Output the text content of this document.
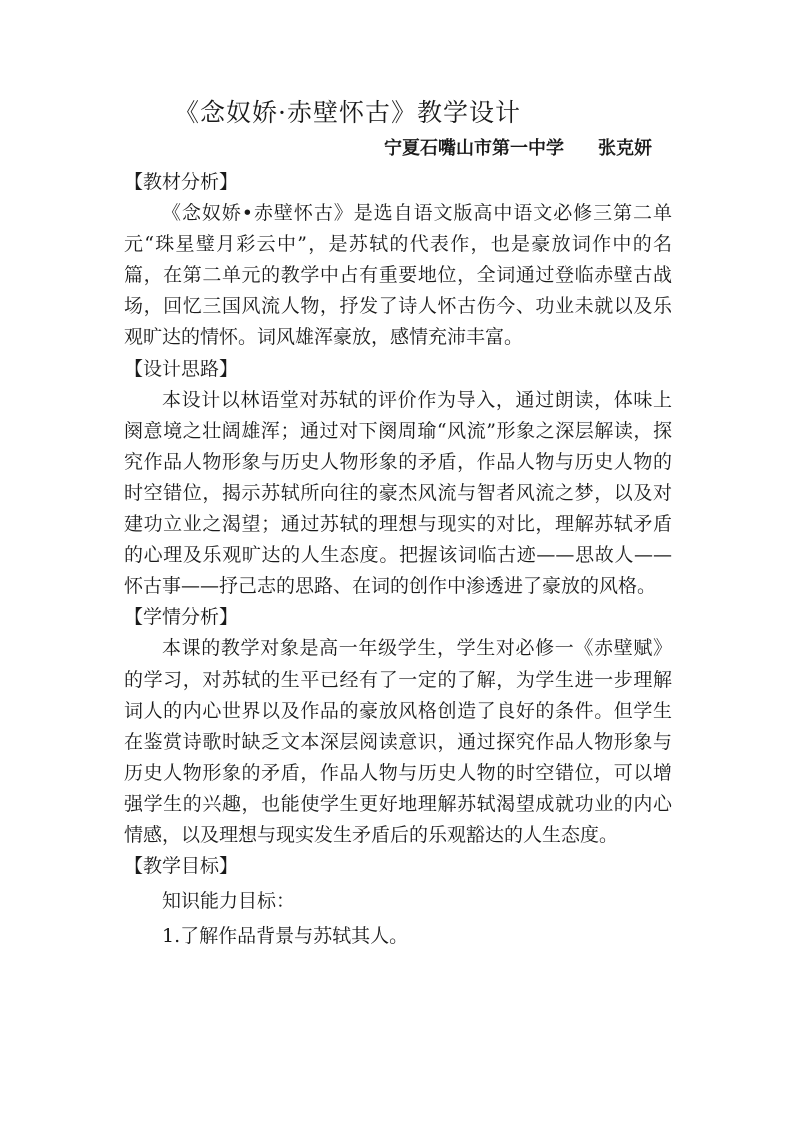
《念奴娇·赤壁怀古》教学设计
宁夏石嘴山市第一中学 张克妍

【教材分析】

《念奴娇•赤壁怀古》是选自语文版高中语文必修三第二单元“珠星璧月彩云中”，是苏轼的代表作，也是豪放词作中的名篇，在第二单元的教学中占有重要地位，全词通过登临赤壁古战场，回忆三国风流人物，抒发了诗人怀古伤今、功业未就以及乐观旷达的情怀。词风雄浑豪放，感情充沛丰富。

【设计思路】

本设计以林语堂对苏轼的评价作为导入，通过朗读，体味上阕意境之壮阔雄浑；通过对下阕周瑜“风流”形象之深层解读，探究作品人物形象与历史人物形象的矛盾，作品人物与历史人物的时空错位，揭示苏轼所向往的豪杰风流与智者风流之梦，以及对建功立业之渴望；通过苏轼的理想与现实的对比，理解苏轼矛盾的心理及乐观旷达的人生态度。把握该词临古迹——思故人——怀古事——抒己志的思路、在词的创作中渗透进了豪放的风格。

【学情分析】

本课的教学对象是高一年级学生，学生对必修一《赤壁赋》的学习，对苏轼的生平已经有了一定的了解，为学生进一步理解词人的内心世界以及作品的豪放风格创造了良好的条件。但学生在鉴赏诗歌时缺乏文本深层阅读意识，通过探究作品人物形象与历史人物形象的矛盾，作品人物与历史人物的时空错位，可以增强学生的兴趣，也能使学生更好地理解苏轼渴望成就功业的内心情感，以及理想与现实发生矛盾后的乐观豁达的人生态度。

【教学目标】

知识能力目标：

1.了解作品背景与苏轼其人。
